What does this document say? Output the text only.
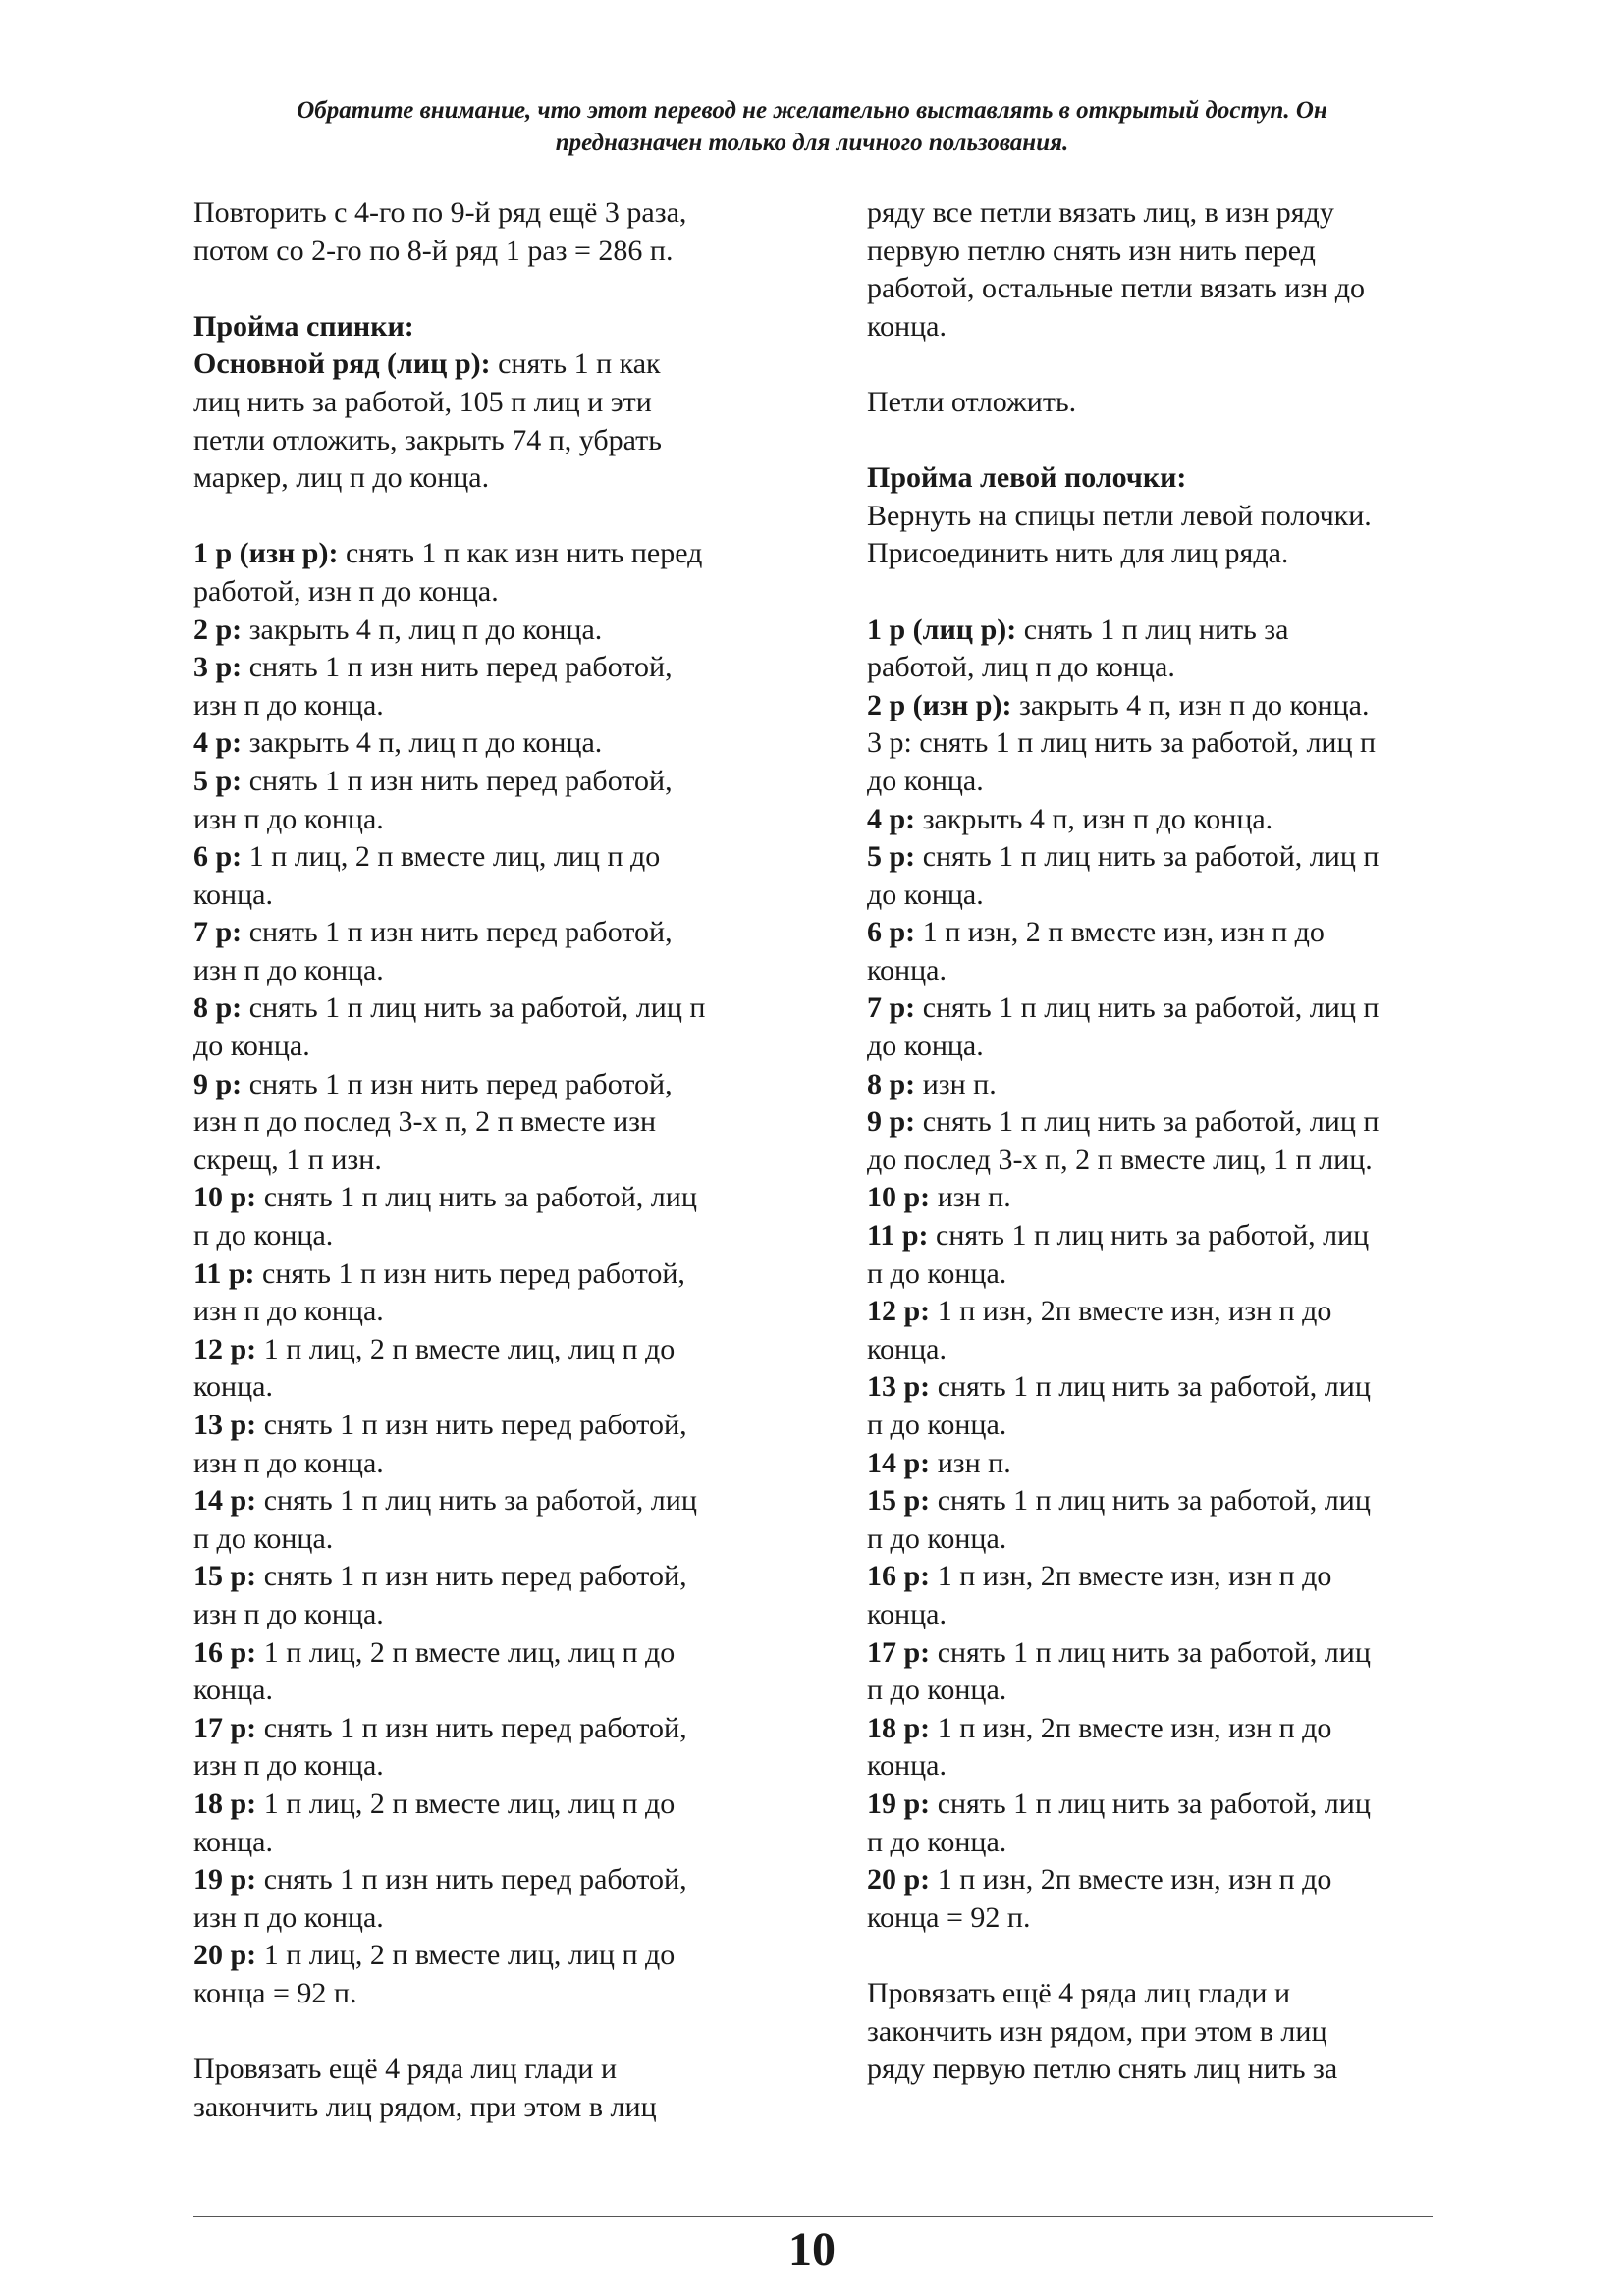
Обратите внимание, что этот перевод не желательно выставлять в открытый доступ. Он
предназначен только для личного пользования.
Повторить с 4-го по 9-й ряд ещё 3 раза,
потом со 2-го по 8-й ряд 1 раз = 286 п.
Пройма спинки:
Основной ряд (лиц р): снять 1 п как
лиц нить за работой, 105 п лиц и эти
петли отложить, закрыть 74 п, убрать
маркер, лиц п до конца.
1 р (изн р): снять 1 п как изн нить перед
работой, изн п до конца.
2 р: закрыть 4 п, лиц п до конца.
3 р: снять 1 п изн нить перед работой,
изн п до конца.
4 р: закрыть 4 п, лиц п до конца.
5 р: снять 1 п изн нить перед работой,
изн п до конца.
6 р: 1 п лиц, 2 п вместе лиц, лиц п до
конца.
7 р: снять 1 п изн нить перед работой,
изн п до конца.
8 р: снять 1 п лиц нить за работой, лиц п
до конца.
9 р: снять 1 п изн нить перед работой,
изн п до послед 3-х п, 2 п вместе изн
скрещ, 1 п изн.
10 р: снять 1 п лиц нить за работой, лиц
п до конца.
11 р: снять 1 п изн нить перед работой,
изн п до конца.
12 р: 1 п лиц, 2 п вместе лиц, лиц п до
конца.
13 р: снять 1 п изн нить перед работой,
изн п до конца.
14 р: снять 1 п лиц нить за работой, лиц
п до конца.
15 р: снять 1 п изн нить перед работой,
изн п до конца.
16 р: 1 п лиц, 2 п вместе лиц, лиц п до
конца.
17 р: снять 1 п изн нить перед работой,
изн п до конца.
18 р: 1 п лиц, 2 п вместе лиц, лиц п до
конца.
19 р: снять 1 п изн нить перед работой,
изн п до конца.
20 р: 1 п лиц, 2 п вместе лиц, лиц п до
конца = 92 п.
Провязать ещё 4 ряда лиц глади и
закончить лиц рядом, при этом в лиц
ряду все петли вязать лиц, в изн ряду
первую петлю снять изн нить перед
работой, остальные петли вязать изн до
конца.
Петли отложить.
Пройма левой полочки:
Вернуть на спицы петли левой полочки.
Присоединить нить для лиц ряда.
1 р (лиц р): снять 1 п лиц нить за
работой, лиц п до конца.
2 р (изн р): закрыть 4 п, изн п до конца.
3 р: снять 1 п лиц нить за работой, лиц п
до конца.
4 р: закрыть 4 п, изн п до конца.
5 р: снять 1 п лиц нить за работой, лиц п
до конца.
6 р: 1 п изн, 2 п вместе изн, изн п до
конца.
7 р: снять 1 п лиц нить за работой, лиц п
до конца.
8 р: изн п.
9 р: снять 1 п лиц нить за работой, лиц п
до послед 3-х п, 2 п вместе лиц, 1 п лиц.
10 р: изн п.
11 р: снять 1 п лиц нить за работой, лиц
п до конца.
12 р: 1 п изн, 2п вместе изн, изн п до
конца.
13 р: снять 1 п лиц нить за работой, лиц
п до конца.
14 р: изн п.
15 р: снять 1 п лиц нить за работой, лиц
п до конца.
16 р: 1 п изн, 2п вместе изн, изн п до
конца.
17 р: снять 1 п лиц нить за работой, лиц
п до конца.
18 р: 1 п изн, 2п вместе изн, изн п до
конца.
19 р: снять 1 п лиц нить за работой, лиц
п до конца.
20 р: 1 п изн, 2п вместе изн, изн п до
конца = 92 п.
Провязать ещё 4 ряда лиц глади и
закончить изн рядом, при этом в лиц
ряду первую петлю снять лиц нить за
10
